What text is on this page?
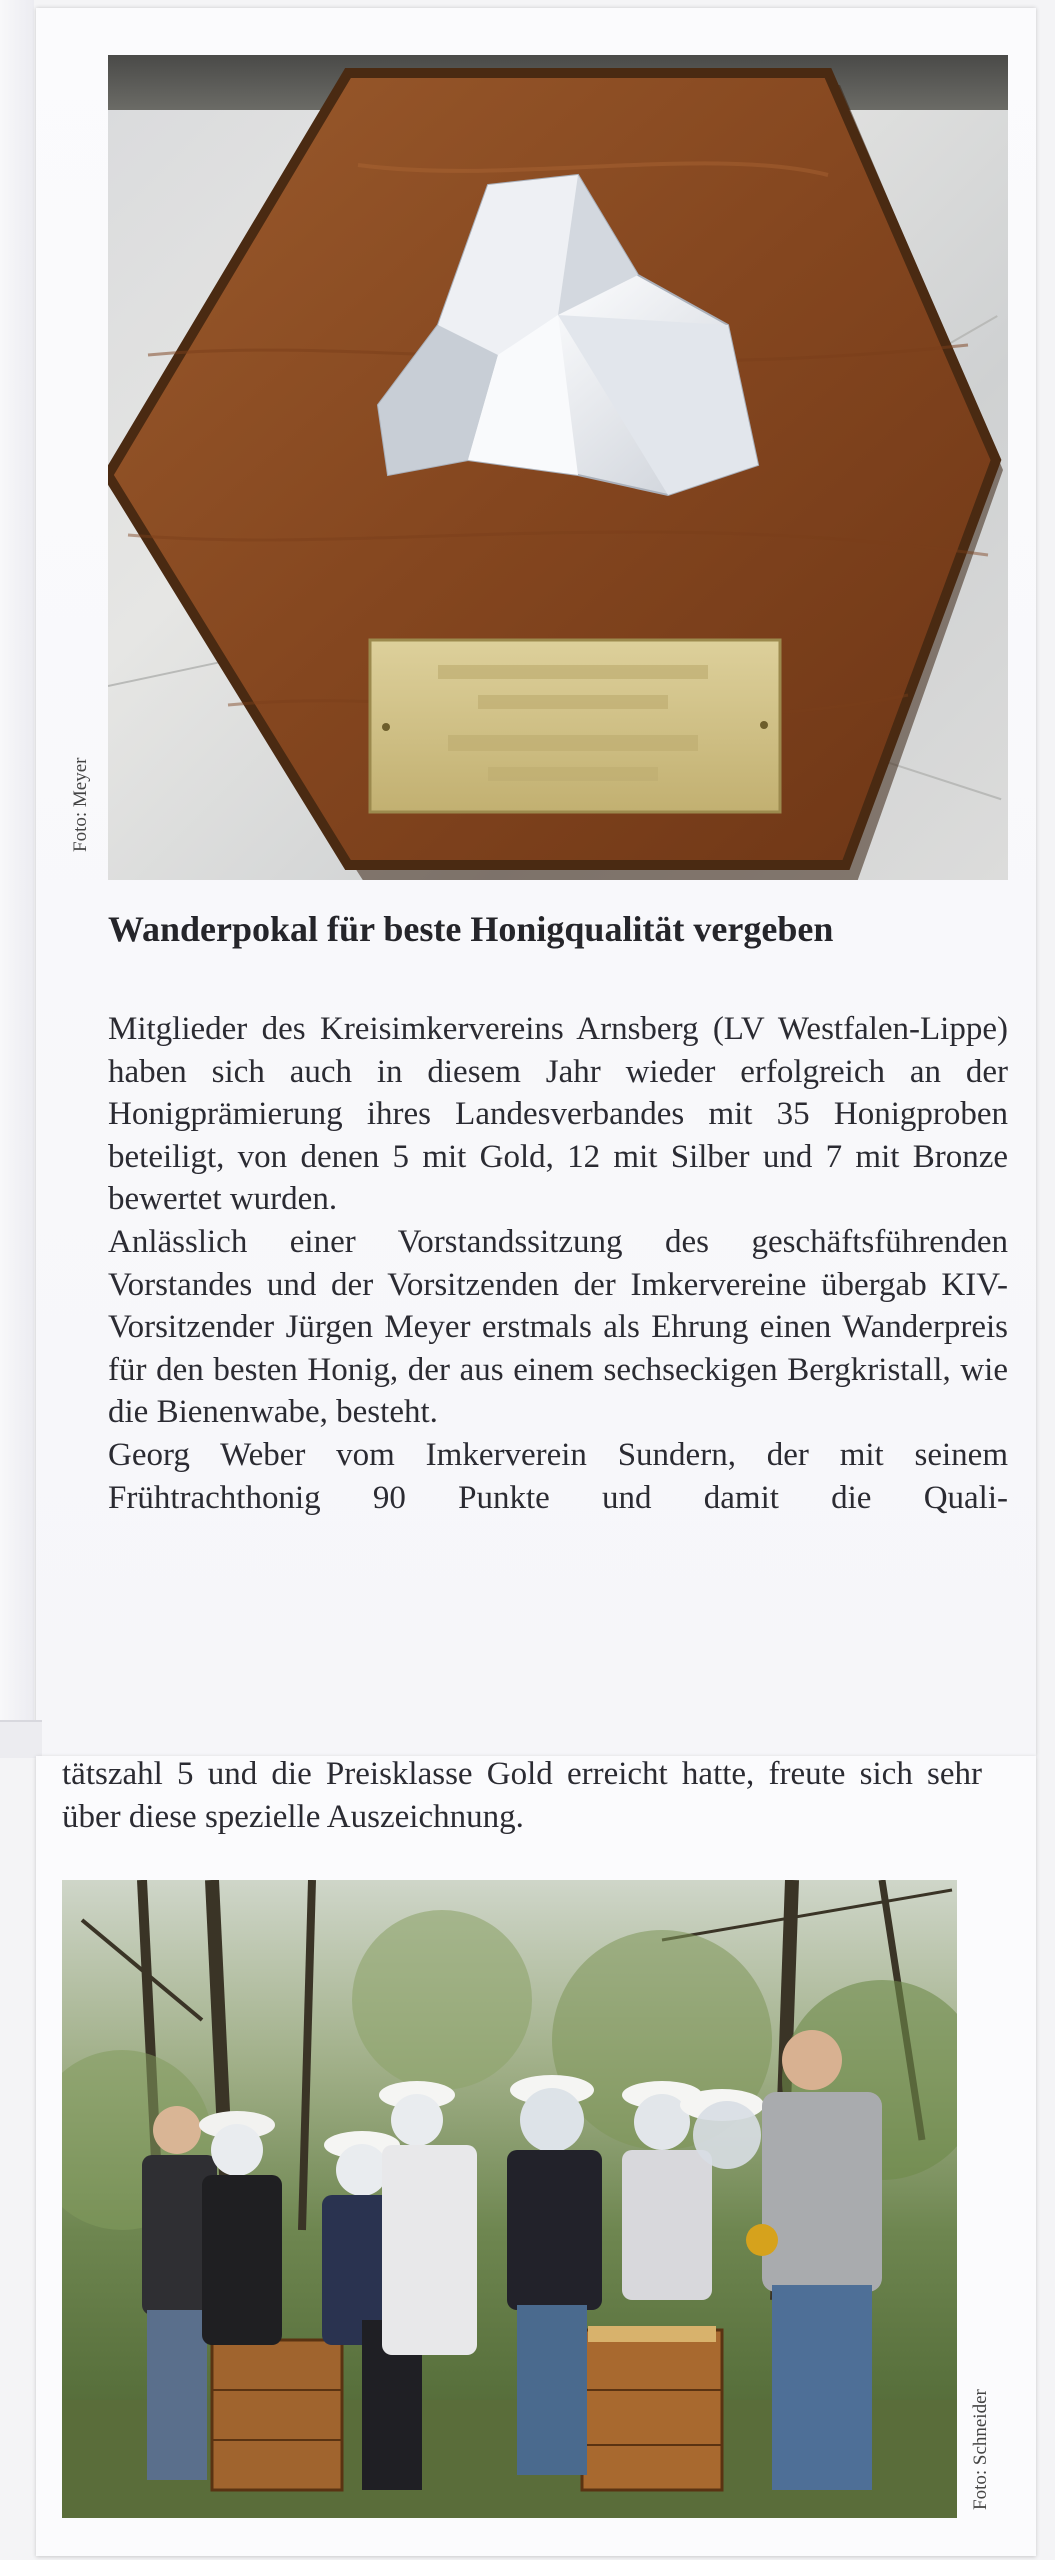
Foto: Meyer
Wanderpokal für beste Honigqualität vergeben

Mitglieder des Kreisimkervereins Arnsberg (LV Westfalen-Lippe) haben sich auch in diesem Jahr wieder erfolgreich an der Honigprämierung ihres Landesverbandes mit 35 Honigproben beteiligt, von denen 5 mit Gold, 12 mit Silber und 7 mit Bronze bewertet wurden.

Anlässlich einer Vorstandssitzung des geschäftsführenden Vorstandes und der Vorsitzenden der Imkervereine übergab KIV-Vorsitzender Jürgen Meyer erstmals als Ehrung einen Wanderpreis für den besten Honig, der aus einem sechseckigen Bergkristall, wie die Bienenwabe, besteht.

Georg Weber vom Imkerverein Sundern, der mit seinem Frühtrachthonig 90 Punkte und damit die Quali-

tätszahl 5 und die Preisklasse Gold erreicht hatte, freute sich sehr über diese spezielle Auszeichnung.

Foto: Schneider
